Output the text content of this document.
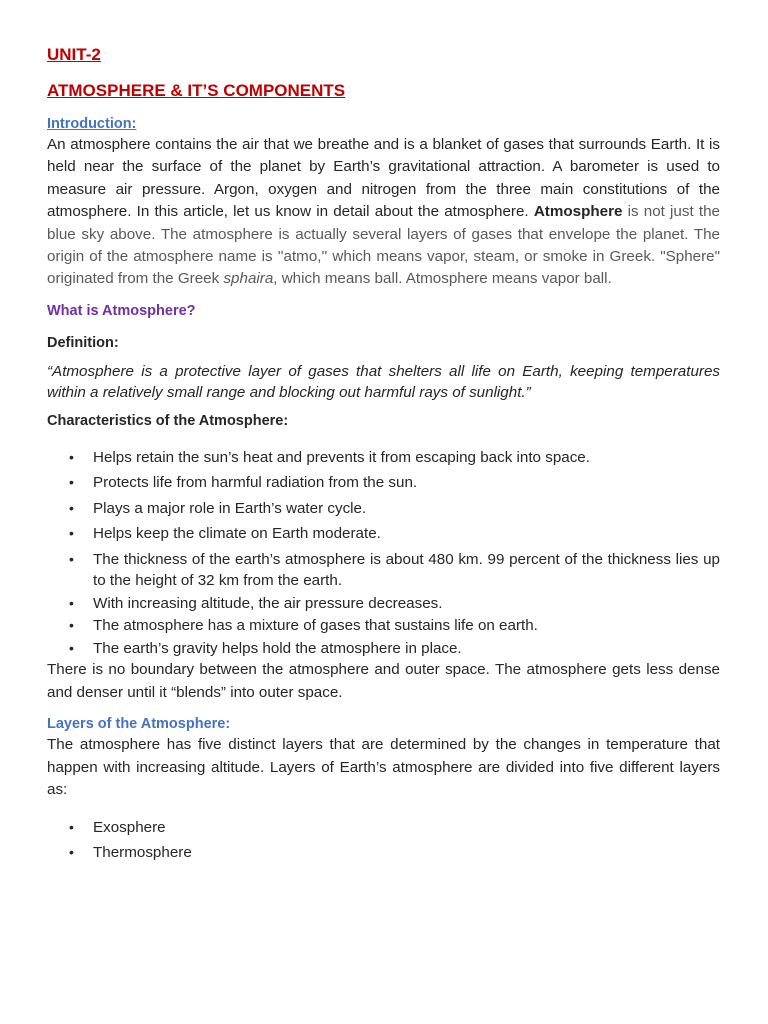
UNIT-2
ATMOSPHERE & IT’S COMPONENTS
Introduction:

An atmosphere contains the air that we breathe and is a blanket of gases that surrounds Earth. It is held near the surface of the planet by Earth’s gravitational attraction. A barometer is used to measure air pressure. Argon, oxygen and nitrogen from the three main constitutions of the atmosphere. In this article, let us know in detail about the atmosphere. Atmosphere is not just the blue sky above. The atmosphere is actually several layers of gases that envelope the planet. The origin of the atmosphere name is ''atmo,'' which means vapor, steam, or smoke in Greek. "Sphere" originated from the Greek sphaira, which means ball. Atmosphere means vapor ball.

What is Atmosphere?
Definition:

“Atmosphere is a protective layer of gases that shelters all life on Earth, keeping temperatures within a relatively small range and blocking out harmful rays of sunlight.”

Characteristics of the Atmosphere:
• Helps retain the sun’s heat and prevents it from escaping back into space.
• Protects life from harmful radiation from the sun.
• Plays a major role in Earth’s water cycle.
• Helps keep the climate on Earth moderate.
• The thickness of the earth’s atmosphere is about 480 km. 99 percent of the thickness lies up to the height of 32 km from the earth.
• With increasing altitude, the air pressure decreases.
• The atmosphere has a mixture of gases that sustains life on earth.
• The earth’s gravity helps hold the atmosphere in place.

There is no boundary between the atmosphere and outer space. The atmosphere gets less dense and denser until it “blends” into outer space.

Layers of the Atmosphere:

The atmosphere has five distinct layers that are determined by the changes in temperature that happen with increasing altitude. Layers of Earth’s atmosphere are divided into five different layers as:

• Exosphere
• Thermosphere
